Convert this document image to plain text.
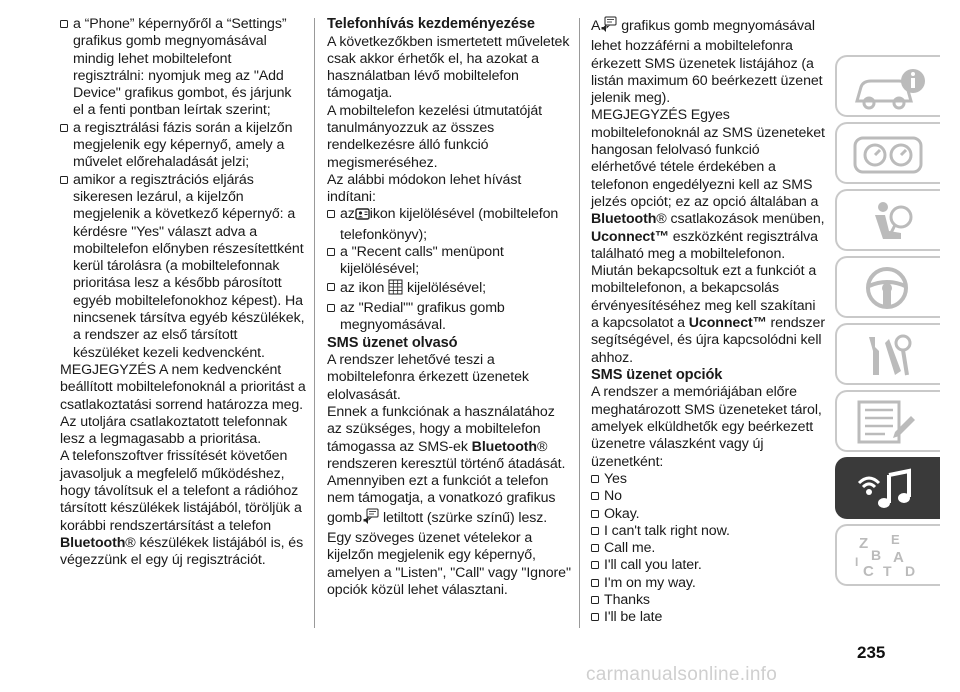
a “Phone” képernyőről a “Settings” grafikus gomb megnyomásával mindig lehet mobiltelefont regisztrálni: nyomjuk meg az "Add Device" grafikus gombot, és járjunk el a fenti pontban leírtak szerint;

a regisztrálási fázis során a kijelzőn megjelenik egy képernyő, amely a művelet előrehaladását jelzi;

amikor a regisztrációs eljárás sikeresen lezárul, a kijelzőn megjelenik a következő képernyő: a kérdésre "Yes" választ adva a mobiltelefon előnyben részesítettként kerül tárolásra (a mobiltelefonnak prioritása lesz a később párosított egyéb mobiltelefonokhoz képest). Ha nincsenek társítva egyéb készülékek, a rendszer az első társított készüléket kezeli kedvencként.

MEGJEGYZÉS A nem kedvencként beállított mobiltelefonoknál a prioritást a csatlakoztatási sorrend határozza meg. Az utoljára csatlakoztatott telefonnak lesz a legmagasabb a prioritása.

A telefonszoftver frissítését követően javasoljuk a megfelelő működéshez, hogy távolítsuk el a telefont a rádióhoz társított készülékek listájából, töröljük a korábbi rendszertársítást a telefon Bluetooth® készülékek listájából is, és végezzünk el egy új regisztrációt.

Telefonhívás kezdeményezése

A következőkben ismertetett műveletek csak akkor érhetők el, ha azokat a használatban lévő mobiltelefon támogatja.

A mobiltelefon kezelési útmutatóját tanulmányozzuk az összes rendelkezésre álló funkció megismeréséhez.

Az alábbi módokon lehet hívást indítani:

az ikon kijelölésével (mobiltelefon telefonkönyv);

a "Recent calls" menüpont kijelölésével;

az ikon kijelölésével;

az "Redial"" grafikus gomb megnyomásával.

SMS üzenet olvasó

A rendszer lehetővé teszi a mobiltelefonra érkezett üzenetek elolvasását.

Ennek a funkciónak a használatához az szükséges, hogy a mobiltelefon támogassa az SMS-ek Bluetooth® rendszeren keresztül történő átadását.

Amennyiben ezt a funkciót a telefon nem támogatja, a vonatkozó grafikus gomb letiltott (szürke színű) lesz.

Egy szöveges üzenet vételekor a kijelzőn megjelenik egy képernyő, amelyen a "Listen", "Call" vagy "Ignore" opciók közül lehet választani.

A grafikus gomb megnyomásával lehet hozzáférni a mobiltelefonra érkezett SMS üzenetek listájához (a listán maximum 60 beérkezett üzenet jelenik meg).

MEGJEGYZÉS Egyes mobiltelefonoknál az SMS üzeneteket hangosan felolvasó funkció elérhetővé tétele érdekében a telefonon engedélyezni kell az SMS jelzés opciót; ez az opció általában a Bluetooth® csatlakozások menüben, Uconnect™ eszközként regisztrálva található meg a mobiltelefonon.

Miután bekapcsoltuk ezt a funkciót a mobiltelefonon, a bekapcsolás érvényesítéséhez meg kell szakítani a kapcsolatot a Uconnect™ rendszer segítségével, és újra kapcsolódni kell ahhoz.

SMS üzenet opciók

A rendszer a memóriájában előre meghatározott SMS üzeneteket tárol, amelyek elküldhetők egy beérkezett üzenetre válaszként vagy új üzenetként:

Yes

No

Okay.

I can't talk right now.

Call me.

I'll call you later.

I'm on my way.

Thanks

I'll be late

Z E
B A
C D
I
T
235
carmanualsonline.info
